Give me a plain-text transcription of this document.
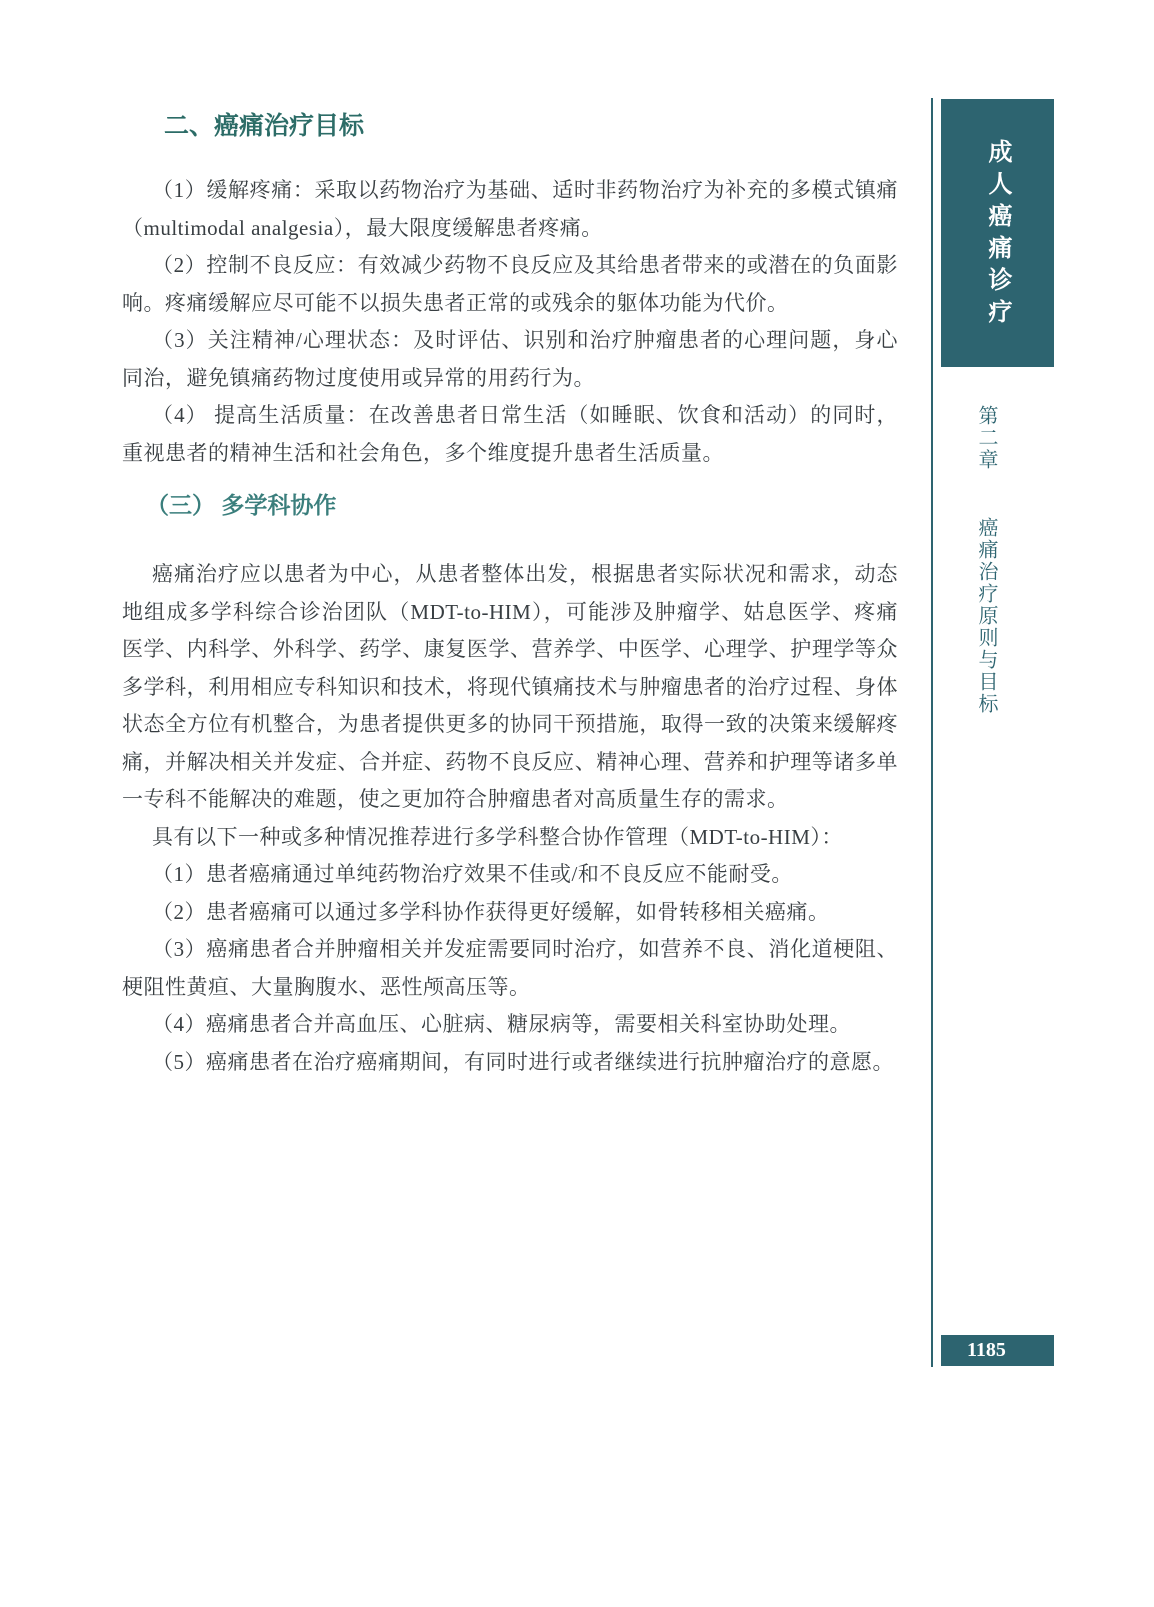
二、癌痛治疗目标

（1）缓解疼痛：采取以药物治疗为基础、适时非药物治疗为补充的多模式镇痛（multimodal analgesia），最大限度缓解患者疼痛。

（2）控制不良反应：有效减少药物不良反应及其给患者带来的或潜在的负面影响。疼痛缓解应尽可能不以损失患者正常的或残余的躯体功能为代价。

（3）关注精神/心理状态：及时评估、识别和治疗肿瘤患者的心理问题，身心同治，避免镇痛药物过度使用或异常的用药行为。

（4） 提高生活质量：在改善患者日常生活（如睡眠、饮食和活动）的同时，重视患者的精神生活和社会角色，多个维度提升患者生活质量。

（三） 多学科协作

癌痛治疗应以患者为中心，从患者整体出发，根据患者实际状况和需求，动态地组成多学科综合诊治团队（MDT-to-HIM），可能涉及肿瘤学、姑息医学、疼痛医学、内科学、外科学、药学、康复医学、营养学、中医学、心理学、护理学等众多学科，利用相应专科知识和技术，将现代镇痛技术与肿瘤患者的治疗过程、身体状态全方位有机整合，为患者提供更多的协同干预措施，取得一致的决策来缓解疼痛，并解决相关并发症、合并症、药物不良反应、精神心理、营养和护理等诸多单一专科不能解决的难题，使之更加符合肿瘤患者对高质量生存的需求。

具有以下一种或多种情况推荐进行多学科整合协作管理（MDT-to-HIM）：

（1）患者癌痛通过单纯药物治疗效果不佳或/和不良反应不能耐受。

（2）患者癌痛可以通过多学科协作获得更好缓解，如骨转移相关癌痛。

（3）癌痛患者合并肿瘤相关并发症需要同时治疗，如营养不良、消化道梗阻、梗阻性黄疸、大量胸腹水、恶性颅高压等。

（4）癌痛患者合并高血压、心脏病、糖尿病等，需要相关科室协助处理。

（5）癌痛患者在治疗癌痛期间，有同时进行或者继续进行抗肿瘤治疗的意愿。

成人癌痛诊疗
第二章 癌痛治疗原则与目标
1185
